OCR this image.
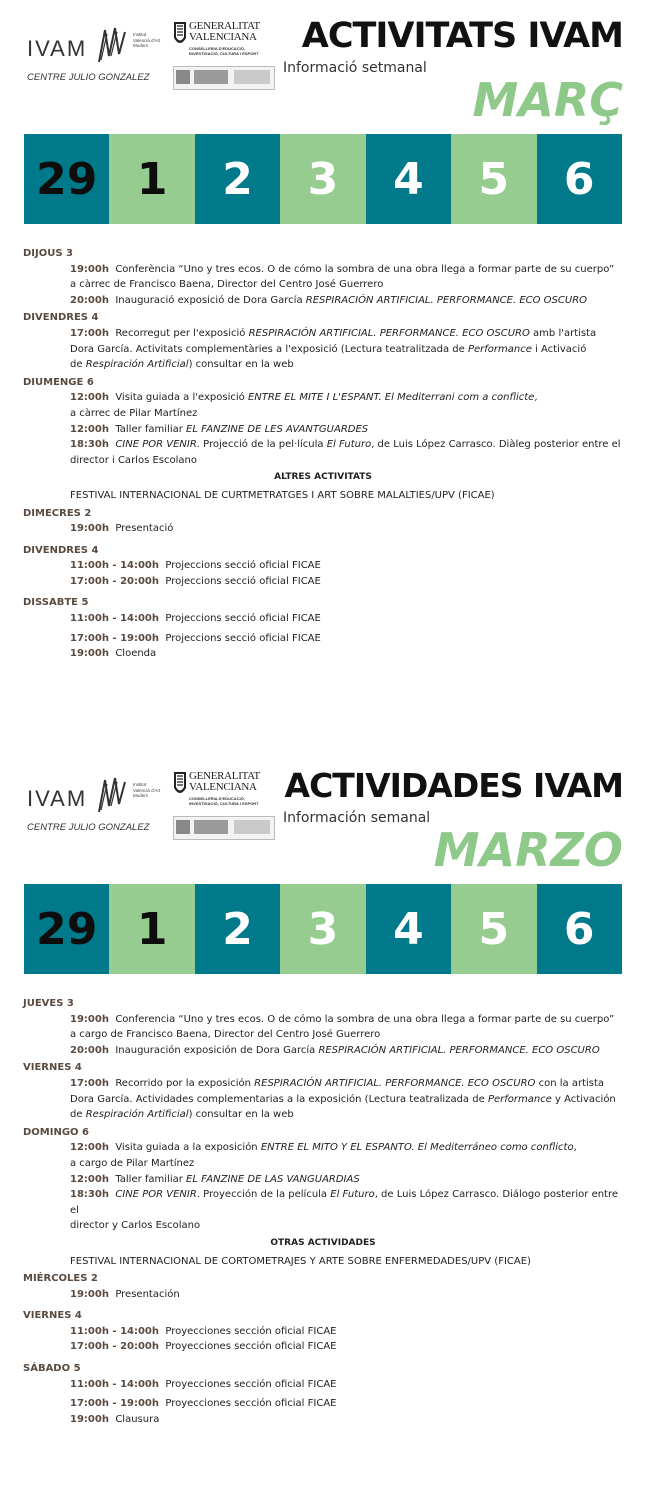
IVAM
Institut Valencià d'Art Modern
CENTRE JULIO GONZALEZ
GENERALITAT
VALENCIANA
CONSELLERIA D'EDUCACIÓ, INVESTIGACIÓ, CULTURA I ESPORT ACTIVITATS IVAM
Informació setmanal
MARÇ
29 1	2	3	4	5	6
DIJOUS 3
19:00h Conferència “Uno y tres ecos. O de cómo la sombra de una obra llega a formar parte de su cuerpo”
a càrrec de Francisco Baena, Director del Centro José Guerrero
20:00h Inauguració exposició de Dora García RESPIRACIÓN ARTIFICIAL. PERFORMANCE. ECO OSCURO
DIVENDRES 4
17:00h Recorregut per l'exposició RESPIRACIÓN ARTIFICIAL. PERFORMANCE. ECO OSCURO amb l'artista
Dora García. Activitats complementàries a l'exposició (Lectura teatralitzada de Performance i Activació
de Respiración Artificial) consultar en la web
DIUMENGE 6
12:00h Visita guiada a l'exposició ENTRE EL MITE I L'ESPANT. El Mediterrani com a conflicte,
a càrrec de Pilar Martínez
12:00h Taller familiar EL FANZINE DE LES AVANTGUARDES
18:30h CINE POR VENIR. Projecció de la pel·lícula El Futuro, de Luis López Carrasco. Diàleg posterior entre el
director i Carlos Escolano
ALTRES ACTIVITATS
FESTIVAL INTERNACIONAL DE CURTMETRATGES I ART SOBRE MALALTIES/UPV (FICAE)
DIMECRES 2
19:00h Presentació
DIVENDRES 4
11:00h - 14:00h Projeccions secció oficial FICAE
17:00h - 20:00h Projeccions secció oficial FICAE
DISSABTE 5
11:00h - 14:00h Projeccions secció oficial FICAE
17:00h - 19:00h Projeccions secció oficial FICAE
19:00h Cloenda
IVAM
Institut Valencià d'Art Modern
CENTRE JULIO GONZALEZ
GENERALITAT
VALENCIANA
CONSELLERIA D'EDUCACIÓ, INVESTIGACIÓ, CULTURA I ESPORT ACTIVIDADES IVAM
Información semanal
MARZO
29 1	2	3	4	5	6
JUEVES 3
19:00h Conferencia “Uno y tres ecos. O de cómo la sombra de una obra llega a formar parte de su cuerpo”
a cargo de Francisco Baena, Director del Centro José Guerrero
20:00h Inauguración exposición de Dora García RESPIRACIÓN ARTIFICIAL. PERFORMANCE. ECO OSCURO
VIERNES 4
17:00h Recorrido por la exposición RESPIRACIÓN ARTIFICIAL. PERFORMANCE. ECO OSCURO con la artista
Dora García. Actividades complementarias a la exposición (Lectura teatralizada de Performance y Activación
de Respiración Artificial) consultar en la web
DOMINGO 6
12:00h Visita guiada a la exposición ENTRE EL MITO Y EL ESPANTO. El Mediterráneo como conflicto,
a cargo de Pilar Martínez
12:00h Taller familiar EL FANZINE DE LAS VANGUARDIAS
18:30h CINE POR VENIR. Proyección de la película El Futuro, de Luis López Carrasco. Diálogo posterior entre el
director y Carlos Escolano
OTRAS ACTIVIDADES
FESTIVAL INTERNACIONAL DE CORTOMETRAJES Y ARTE SOBRE ENFERMEDADES/UPV (FICAE)
MIÉRCOLES 2
19:00h Presentación
VIERNES 4
11:00h - 14:00h Proyecciones sección oficial FICAE
17:00h - 20:00h Proyecciones sección oficial FICAE
SÁBADO 5
11:00h - 14:00h Proyecciones sección oficial FICAE
17:00h - 19:00h Proyecciones sección oficial FICAE
19:00h Clausura
